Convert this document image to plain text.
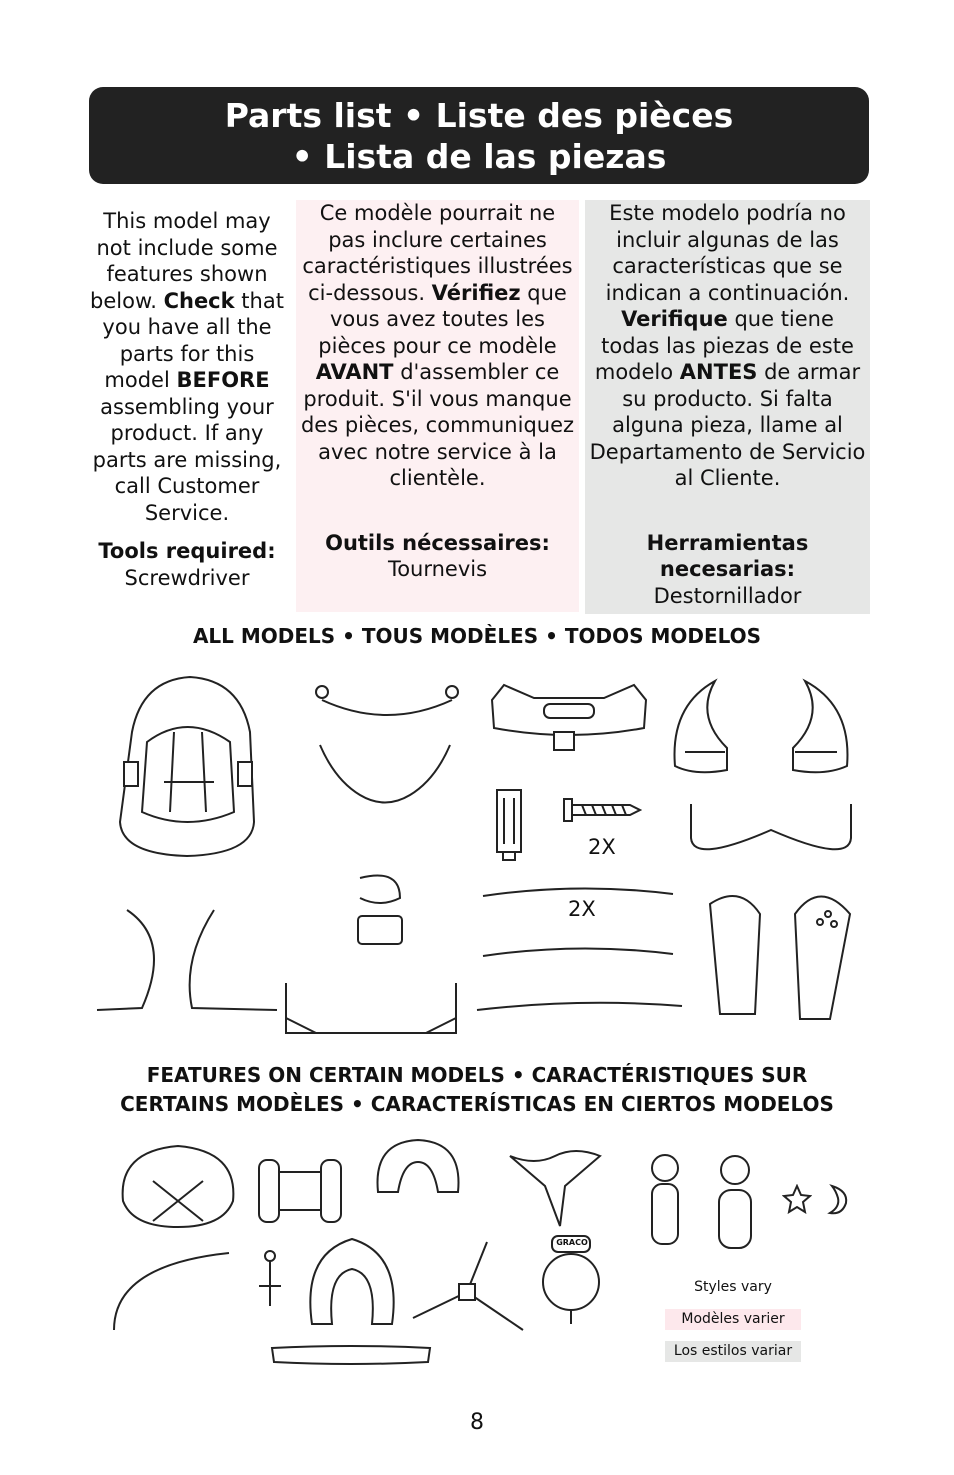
Parts list • Liste des pièces
• Lista de las piezas

This model may not include some features shown below. Check that you have all the parts for this model BEFORE assembling your product. If any parts are missing, call Customer Service.

Tools required:
Screwdriver

Ce modèle pourrait ne pas inclure certaines caractéristiques illustrées ci-dessous. Vérifiez que vous avez toutes les pièces pour ce modèle AVANT d'assembler ce produit. S'il vous manque des pièces, communiquez avec notre service à la clientèle.

Outils nécessaires:
Tournevis

Este modelo podría no incluir algunas de las características que se indican a continuación. Verifique que tiene todas las piezas de este modelo ANTES de armar su producto. Si falta alguna pieza, llame al Departamento de Servicio al Cliente.

Herramientas necesarias:
Destornillador

ALL MODELS • TOUS MODÈLES • TODOS MODELOS
2X
2X
FEATURES ON CERTAIN MODELS • CARACTÉRISTIQUES SUR
CERTAINS MODÈLES • CARACTERÍSTICAS EN CIERTOS MODELOS
GRACO
Styles vary
Modèles varier
Los estilos variar
8
